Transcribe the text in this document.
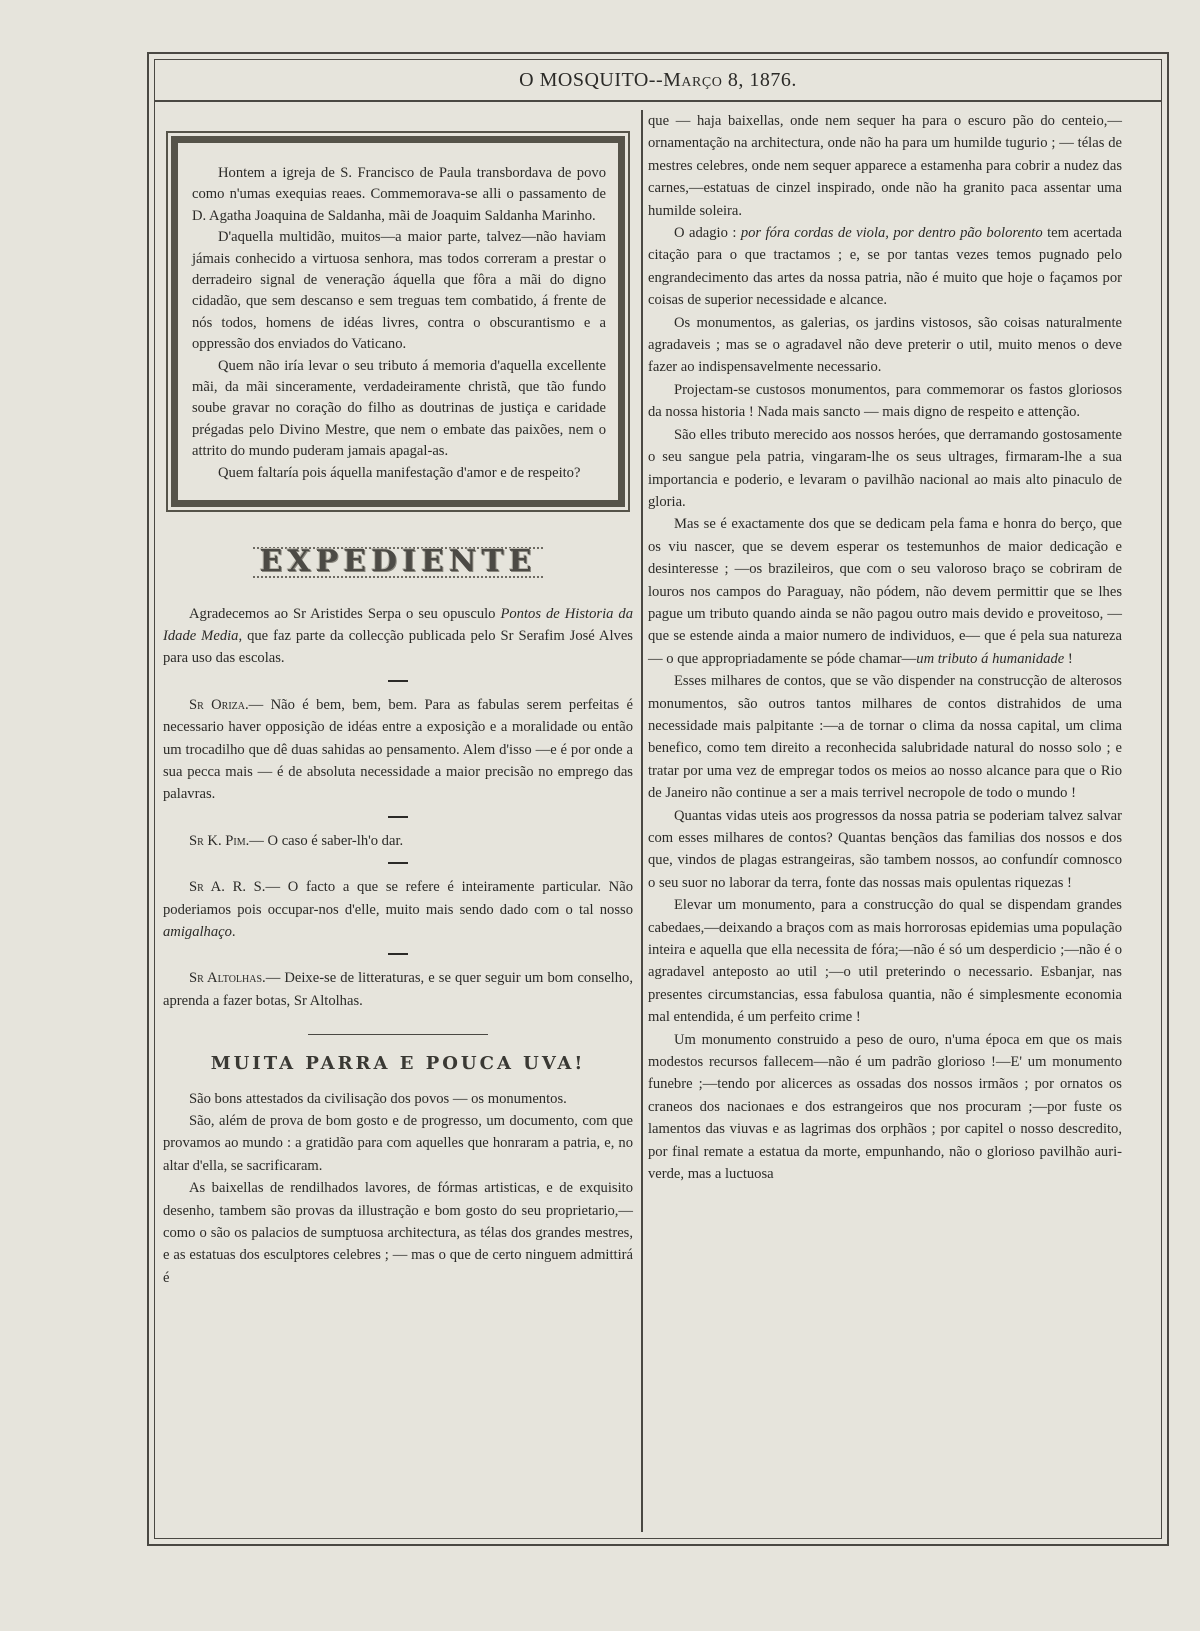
O MOSQUITO--Março 8, 1876.

Hontem a igreja de S. Francisco de Paula transbordava de povo como n'umas exequias reaes. Commemorava-se alli o passamento de D. Agatha Joaquina de Saldanha, mãi de Joaquim Saldanha Marinho.

D'aquella multidão, muitos—a maior parte, talvez—não haviam jámais conhecido a virtuosa senhora, mas todos correram a prestar o derradeiro signal de veneração áquella que fôra a mãi do digno cidadão, que sem descanso e sem treguas tem combatido, á frente de nós todos, homens de idéas livres, contra o obscurantismo e a oppressão dos enviados do Vaticano.

Quem não iría levar o seu tributo á memoria d'aquella excellente mãi, da mãi sinceramente, verdadeiramente christã, que tão fundo soube gravar no coração do filho as doutrinas de justiça e caridade prégadas pelo Divino Mestre, que nem o embate das paixões, nem o attrito do mundo puderam jamais apagal-as.

Quem faltaría pois áquella manifestação d'amor e de respeito?

EXPEDIENTE

Agradecemos ao Sr Aristides Serpa o seu opusculo Pontos de Historia da Idade Media, que faz parte da collecção publicada pelo Sr Serafim José Alves para uso das escolas.

Sr Oriza.— Não é bem, bem, bem. Para as fabulas serem perfeitas é necessario haver opposição de idéas entre a exposição e a moralidade ou então um trocadilho que dê duas sahidas ao pensamento. Alem d'isso —e é por onde a sua pecca mais — é de absoluta necessidade a maior precisão no emprego das palavras.

Sr K. Pim.— O caso é saber-lh'o dar.

Sr A. R. S.— O facto a que se refere é inteiramente particular. Não poderiamos pois occupar-nos d'elle, muito mais sendo dado com o tal nosso amigalhaço.

Sr Altolhas.— Deixe-se de litteraturas, e se quer seguir um bom conselho, aprenda a fazer botas, Sr Altolhas.

MUITA PARRA E POUCA UVA!

São bons attestados da civilisação dos povos — os monumentos.

São, além de prova de bom gosto e de progresso, um documento, com que provamos ao mundo : a gratidão para com aquelles que honraram a patria, e, no altar d'ella, se sacrificaram.

As baixellas de rendilhados lavores, de fórmas artisticas, e de exquisito desenho, tambem são provas da illustração e bom gosto do seu proprietario,—como o são os palacios de sumptuosa architectura, as télas dos grandes mestres, e as estatuas dos esculptores celebres ; — mas o que de certo ninguem admittirá é

que — haja baixellas, onde nem sequer ha para o escuro pão do centeio,— ornamentação na architectura, onde não ha para um humilde tugurio ; — télas de mestres celebres, onde nem sequer apparece a estamenha para cobrir a nudez das carnes,—estatuas de cinzel inspirado, onde não ha granito paca assentar uma humilde soleira.

O adagio : por fóra cordas de viola, por dentro pão bolorento tem acertada citação para o que tractamos ; e, se por tantas vezes temos pugnado pelo engrandecimento das artes da nossa patria, não é muito que hoje o façamos por coisas de superior necessidade e alcance.

Os monumentos, as galerias, os jardins vistosos, são coisas naturalmente agradaveis ; mas se o agradavel não deve preterir o util, muito menos o deve fazer ao indispensavelmente necessario.

Projectam-se custosos monumentos, para commemorar os fastos gloriosos da nossa historia ! Nada mais sancto — mais digno de respeito e attenção.

São elles tributo merecido aos nossos heróes, que derramando gostosamente o seu sangue pela patria, vingaram-lhe os seus ultrages, firmaram-lhe a sua importancia e poderio, e levaram o pavilhão nacional ao mais alto pinaculo de gloria.

Mas se é exactamente dos que se dedicam pela fama e honra do berço, que os viu nascer, que se devem esperar os testemunhos de maior dedicação e desinteresse ; —os brazileiros, que com o seu valoroso braço se cobriram de louros nos campos do Paraguay, não pódem, não devem permittir que se lhes pague um tributo quando ainda se não pagou outro mais devido e proveitoso, — que se estende ainda a maior numero de individuos, e— que é pela sua natureza — o que appropriadamente se póde chamar—um tributo á humanidade !

Esses milhares de contos, que se vão dispender na construcção de alterosos monumentos, são outros tantos milhares de contos distrahidos de uma necessidade mais palpitante :—a de tornar o clima da nossa capital, um clima benefico, como tem direito a reconhecida salubridade natural do nosso solo ; e tratar por uma vez de empregar todos os meios ao nosso alcance para que o Rio de Janeiro não continue a ser a mais terrivel necropole de todo o mundo !

Quantas vidas uteis aos progressos da nossa patria se poderiam talvez salvar com esses milhares de contos? Quantas bençãos das familias dos nossos e dos que, vindos de plagas estrangeiras, são tambem nossos, ao confundír comnosco o seu suor no laborar da terra, fonte das nossas mais opulentas riquezas !

Elevar um monumento, para a construcção do qual se dispendam grandes cabedaes,—deixando a braços com as mais horrorosas epidemias uma população inteira e aquella que ella necessita de fóra;—não é só um desperdicio ;—não é o agradavel anteposto ao util ;—o util preterindo o necessario. Esbanjar, nas presentes circumstancias, essa fabulosa quantia, não é simplesmente economia mal entendida, é um perfeito crime !

Um monumento construido a peso de ouro, n'uma época em que os mais modestos recursos fallecem—não é um padrão glorioso !—E' um monumento funebre ;—tendo por alicerces as ossadas dos nossos irmãos ; por ornatos os craneos dos nacionaes e dos estrangeiros que nos procuram ;—por fuste os lamentos das viuvas e as lagrimas dos orphãos ; por capitel o nosso descredito, por final remate a estatua da morte, empunhando, não o glorioso pavilhão auri-verde, mas a luctuosa
